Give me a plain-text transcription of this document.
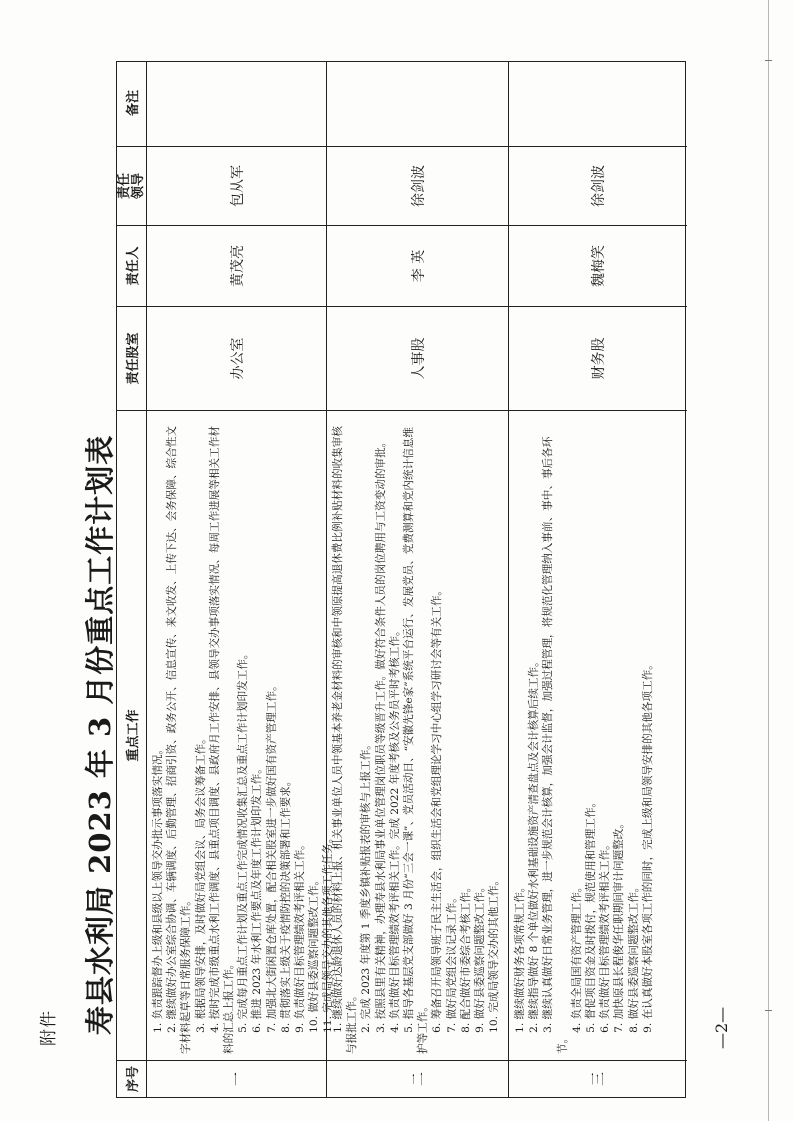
附件 寿县水利局 2023 年 3 月份重点工作计划表	—2—
序号
重点工作
责任股室
责任人
责任 领导
备注
一
1. 负责跟踪督办上级和县级以上领导交办批示事项落实情况。 2. 继续做好办公室综合协调、车辆调度、后勤管理、招商引资、政务公开、信息宣传、来文收发、上传下达、会务保障、综合性文字材料起草等日常服务保障工作。 3. 根据局领导安排，及时做好局党组会议、局务会议筹备工作。 4. 按时完成市级重点水利工作调度、县重点项目调度、县政府月工作安排、县领导交办事项落实情况、每周工作进展等相关工作材料的汇总上报工作。 5. 完成每月重点工作计划及重点工作完成情况收集汇总及重点工作计划印发工作。 6. 推进 2023 年水利工作要点及年度工作计划印发工作。 7. 加强北大街闲置仓库处置，配合相关股室进一步做好国有资产管理工作。 8. 贯彻落实上级关于疫情防控的决策部署和工作要求。 9. 负责做好目标管理绩效考评相关工作。 10. 做好县委巡察问题整改工作。 11. 完成局领导交办的其他各项工作任务。
办公室
黄茂亮
包从军
二
1. 继续做好达龄退休人员的材料上报、机关事业单位人员中领基本养老金材料的审核和中领原提高退休费比例补贴材料的收集审核与报批工作。 2. 完成 2023 年度第 1 季度乡镇补贴报表的审核与上报工作。 3. 按照县里有关精神，办理寿县水利局事业单位管理岗位职员等级晋升工作。做好符合条件人员的岗位聘用与工资变动的审批。 4. 负责做好目标管理绩效考评相关工作。完成 2022 年度考核及公务员平时考核工作。 5. 指导各基层党支部做好 3 月份“三会一课”、党员活动日、“安徽先锋e家”系统平台运行、发展党员、党费测算和党内统计信息维护等工作。 6. 筹备召开局领导班子民主生活会，组织生活会和党组理论学习中心组学习研讨会等有关工作。 7. 做好局党组会议记录工作。 8. 配合做好市委综合考核工作。 9. 做好县委巡察问题整改工作。 10. 完成局领导交办的其他工作。
人事股
李 英
徐剑波
三
1. 继续做好财务各项常规工作。 2. 继续指导做好 8 个单位做好水利基础设施资产清查盘点及会计核算后续工作。 3. 继续认真做好日常业务管理，进一步规范会计核算，加强会计监督，加强过程管理，将规范化管理纳入事前、事中、事后各环节。
4. 负责全局国有资产管理工作。 5. 督促项目资金及时拨付，规范使用和管理工作。 6. 负责做好目标管理绩效考评相关工作。 7. 加快原县长程俊华任职期间审计问题整改。 8. 做好县委巡察问题整改工作。 9. 在认真做好本股室各项工作的同时，完成上级和局领导安排的其他各项工作。
财务股
魏梅笑
徐剑波
